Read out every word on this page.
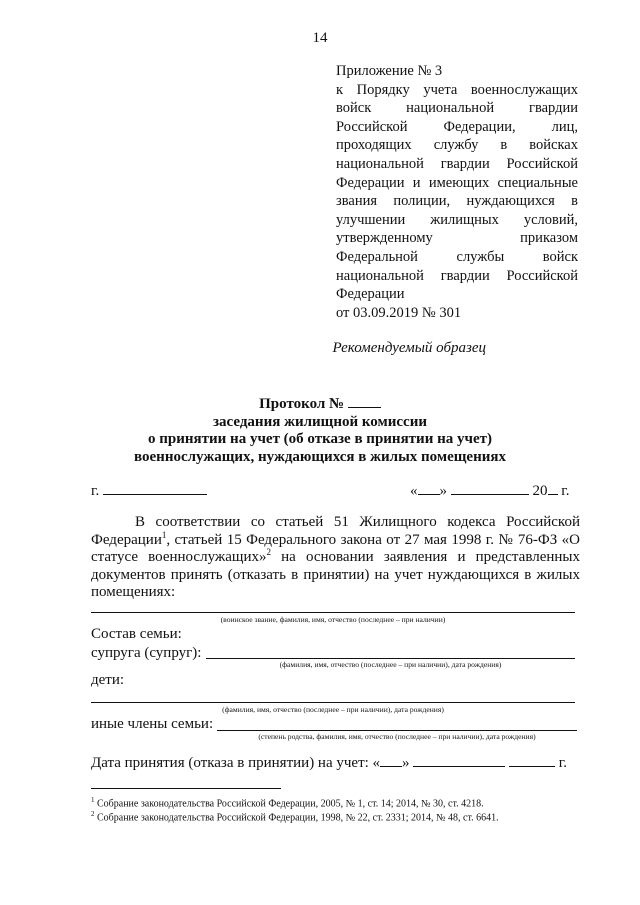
14
Приложение № 3
к Порядку учета военнослужащих
войск национальной гвардии
Российской Федерации, лиц,
проходящих службу в войсках
национальной гвардии Российской
Федерации и имеющих специальные
звания полиции, нуждающихся в
улучшении жилищных условий,
утвержденному приказом
Федеральной службы войск
национальной гвардии Российской
Федерации
от 03.09.2019 № 301
Рекомендуемый образец
Протокол №
заседания жилищной комиссии
о принятии на учет (об отказе в принятии на учет)
военнослужащих, нуждающихся в жилых помещениях
г.	« »	20 г.
В соответствии со статьей 51 Жилищного кодекса Российской Федерации$^1$, статьей 15 Федерального закона от 27 мая 1998 г. № 76-ФЗ «О статусе военнослужащих»$^2$ на основании заявления и представленных документов принять (отказать в принятии) на учет нуждающихся в жилых помещениях:
(воинское звание, фамилия, имя, отчество (последнее – при наличии)
Состав семьи:
супруга (супруг):
(фамилия, имя, отчество (последнее – при наличии), дата рождения)
дети:
(фамилия, имя, отчество (последнее – при наличии), дата рождения)
иные члены семьи:
(степень родства, фамилия, имя, отчество (последнее – при наличии), дата рождения)
Дата принятия (отказа в принятии) на учет: « »	г.
$^1$ Собрание законодательства Российской Федерации, 2005, № 1, ст. 14; 2014, № 30, ст. 4218.
$^2$ Собрание законодательства Российской Федерации, 1998, № 22, ст. 2331; 2014, № 48, ст. 6641.
